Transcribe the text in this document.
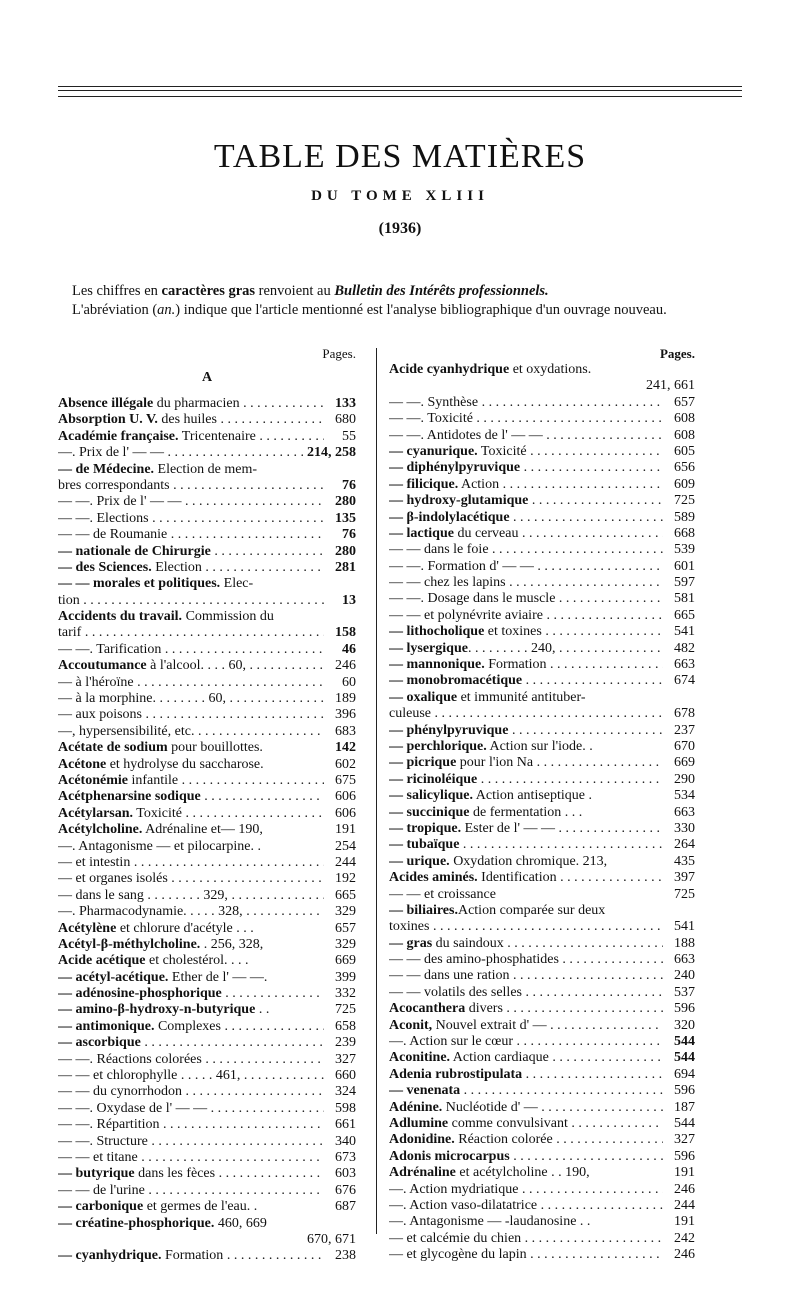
TABLE DES MATIÈRES
DU TOME XLIII
(1936)

Les chiffres en caractères gras renvoient au Bulletin des Intérêts professionnels.

L'abréviation (an.) indique que l'article mentionné est l'analyse bibliographique d'un ouvrage nouveau.

Pages.
A
Absence illégale du pharmacien . . .	133
Absorption U. V. des huiles . . .	680
Académie française. Tricentenaire . . .	55
—. Prix de l' — — . . . . . . . . .	214, 258
— de Médecine. Election de mem-
bres correspondants . . .	76
— —. Prix de l' — — . . .	280
— —. Elections . . .	135
— — de Roumanie . . .	76
— nationale de Chirurgie . . .	280
— des Sciences. Election . . .	281
— — morales et politiques. Elec-
tion . . .	13
Accidents du travail. Commission du
tarif . . .	158
— —. Tarification . . .	46
Accoutumance à l'alcool. . . . 60, . . .	246
— à l'héroïne . . .	60
— à la morphine. . . . . . . . 60, . . .	189
— aux poisons . . .	396
—, hypersensibilité, etc. . . .	683
Acétate de sodium pour bouillottes.	142
Acétone et hydrolyse du saccharose.	602
Acétonémie infantile . . .	675
Acétphenarsine sodique . . .	606
Acétylarsan. Toxicité . . .	606
Acétylcholine. Adrénaline et— 190,	191
—. Antagonisme — et pilocarpine. .	254
— et intestin . . .	244
— et organes isolés . . .	192
— dans le sang . . . . . . . . 329, . . .	665
—. Pharmacodynamie. . . . . 328, . . .	329
Acétylène et chlorure d'acétyle . . .	657
Acétyl-β-méthylcholine. . 256, 328,	329
Acide acétique et cholestérol. . . .	669
— acétyl-acétique. Ether de l' — —.	399
— adénosine-phosphorique . . .	332
— amino-β-hydroxy-n-butyrique . .	725
— antimonique. Complexes . . .	658
— ascorbique . . .	239
— —. Réactions colorées . . .	327
— — et chlorophylle . . . . . 461, . . .	660
— — du cynorrhodon . . .	324
— —. Oxydase de l' — — . . .	598
— —. Répartition . . .	661
— —. Structure . . .	340
— — et titane . . .	673
— butyrique dans les fèces . . .	603
— — de l'urine . . .	676
— carbonique et germes de l'eau. .	687
— créatine-phosphorique. 460, 669
670, 671
— cyanhydrique. Formation . . .	238
Pages.
Acide cyanhydrique et oxydations.
241, 661
— —. Synthèse . . .	657
— —. Toxicité . . .	608
— —. Antidotes de l' — — . . .	608
— cyanurique. Toxicité . . .	605
— diphénylpyruvique . . .	656
— filicique. Action . . .	609
— hydroxy-glutamique . . .	725
— β-indolylacétique . . .	589
— lactique du cerveau . . .	668
— — dans le foie . . .	539
— —. Formation d' — — . . .	601
— — chez les lapins . . .	597
— —. Dosage dans le muscle . . .	581
— — et polynévrite aviaire . . .	665
— lithocholique et toxines . . .	541
— lysergique. . . . . . . . . 240, . . .	482
— mannonique. Formation . . .	663
— monobromacétique . . .	674
— oxalique et immunité antituber-
culeuse . . .	678
— phénylpyruvique . . .	237
— perchlorique. Action sur l'iode. .	670
— picrique pour l'ion Na . . .	669
— ricinoléique . . .	290
— salicylique. Action antiseptique .	534
— succinique de fermentation . . .	663
— tropique. Ester de l' — — . . .	330
— tubaïque . . .	264
— urique. Oxydation chromique. 213,	435
Acides aminés. Identification . . .	397
— — et croissance	725
— biliaires.Action comparée sur deux
toxines . . .	541
— gras du saindoux . . .	188
— — des amino-phosphatides . . .	663
— — dans une ration . . .	240
— — volatils des selles . . .	537
Acocanthera divers . . .	596
Aconit, Nouvel extrait d' — . . .	320
—. Action sur le cœur . . .	544
Aconitine. Action cardiaque . . .	544
Adenia rubrostipulata . . .	694
— venenata . . .	596
Adénine. Nucléotide d' — . . .	187
Adlumine comme convulsivant . . .	544
Adonidine. Réaction colorée . . .	327
Adonis microcarpus . . .	596
Adrénaline et acétylcholine . . 190,	191
—. Action mydriatique . . .	246
—. Action vaso-dilatatrice . . .	244
—. Antagonisme — -laudanosine . .	191
— et calcémie du chien . . .	242
— et glycogène du lapin . . .	246
